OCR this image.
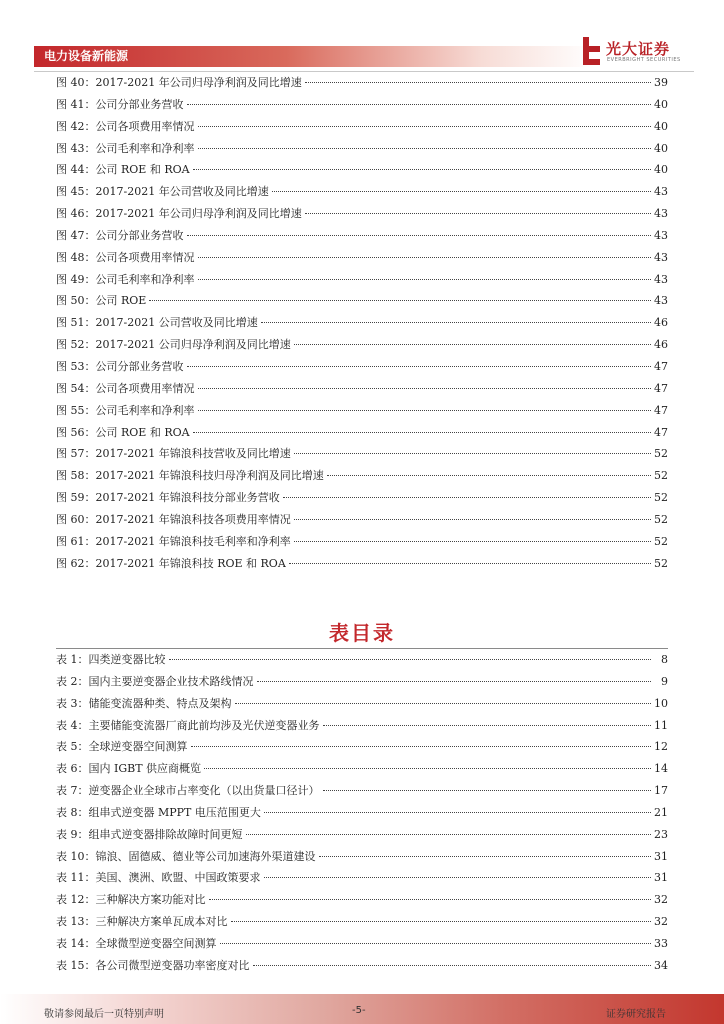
电力设备新能源	光大证券
EVERBRIGHT SECURITIES
图 40：2017-2021 年公司归母净利润及同比增速	39
图 41：公司分部业务营收	40
图 42：公司各项费用率情况	40
图 43：公司毛利率和净利率	40
图 44：公司 ROE 和 ROA	40
图 45：2017-2021 年公司营收及同比增速	43
图 46：2017-2021 年公司归母净利润及同比增速	43
图 47：公司分部业务营收	43
图 48：公司各项费用率情况	43
图 49：公司毛利率和净利率	43
图 50：公司 ROE	43
图 51：2017-2021 公司营收及同比增速	46
图 52：2017-2021 公司归母净利润及同比增速	46
图 53：公司分部业务营收	47
图 54：公司各项费用率情况	47
图 55：公司毛利率和净利率	47
图 56：公司 ROE 和 ROA	47
图 57：2017-2021 年锦浪科技营收及同比增速	52
图 58：2017-2021 年锦浪科技归母净利润及同比增速	52
图 59：2017-2021 年锦浪科技分部业务营收	52
图 60：2017-2021 年锦浪科技各项费用率情况	52
图 61：2017-2021 年锦浪科技毛利率和净利率	52
图 62：2017-2021 年锦浪科技 ROE 和 ROA	52
表目录
表 1：四类逆变器比较	8
表 2：国内主要逆变器企业技术路线情况	9
表 3：储能变流器种类、特点及架构	10
表 4：主要储能变流器厂商此前均涉及光伏逆变器业务	11
表 5：全球逆变器空间测算	12
表 6：国内 IGBT 供应商概览	14
表 7：逆变器企业全球市占率变化（以出货量口径计）	17
表 8：组串式逆变器 MPPT 电压范围更大	21
表 9：组串式逆变器排除故障时间更短	23
表 10：锦浪、固德威、德业等公司加速海外渠道建设	31
表 11：美国、澳洲、欧盟、中国政策要求	31
表 12：三种解决方案功能对比	32
表 13：三种解决方案单瓦成本对比	32
表 14：全球微型逆变器空间测算	33
表 15：各公司微型逆变器功率密度对比	34
敬请参阅最后一页特别声明	-5-	证券研究报告
